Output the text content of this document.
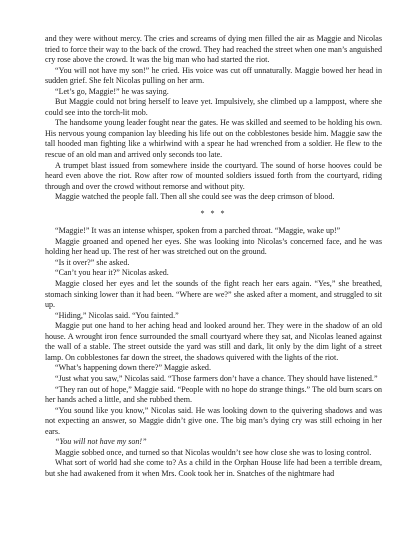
and they were without mercy. The cries and screams of dying men filled the air as Maggie and Nicolas tried to force their way to the back of the crowd. They had reached the street when one man’s anguished cry rose above the crowd. It was the big man who had started the riot.

“You will not have my son!” he cried. His voice was cut off unnaturally. Maggie bowed her head in sudden grief. She felt Nicolas pulling on her arm.

“Let’s go, Maggie!” he was saying.

But Maggie could not bring herself to leave yet. Impulsively, she climbed up a lamppost, where she could see into the torch-lit mob.

The handsome young leader fought near the gates. He was skilled and seemed to be holding his own. His nervous young companion lay bleeding his life out on the cobblestones beside him. Maggie saw the tall hooded man fighting like a whirlwind with a spear he had wrenched from a soldier. He flew to the rescue of an old man and arrived only seconds too late.

A trumpet blast issued from somewhere inside the courtyard. The sound of horse hooves could be heard even above the riot. Row after row of mounted soldiers issued forth from the courtyard, riding through and over the crowd without remorse and without pity.

Maggie watched the people fall. Then all she could see was the deep crimson of blood.

* * *

“Maggie!” It was an intense whisper, spoken from a parched throat. “Maggie, wake up!”

Maggie groaned and opened her eyes. She was looking into Nicolas’s concerned face, and he was holding her head up. The rest of her was stretched out on the ground.

“Is it over?” she asked.

“Can’t you hear it?” Nicolas asked.

Maggie closed her eyes and let the sounds of the fight reach her ears again. “Yes,” she breathed, stomach sinking lower than it had been. “Where are we?” she asked after a moment, and struggled to sit up.

“Hiding,” Nicolas said. “You fainted.”

Maggie put one hand to her aching head and looked around her. They were in the shadow of an old house. A wrought iron fence surrounded the small courtyard where they sat, and Nicolas leaned against the wall of a stable. The street outside the yard was still and dark, lit only by the dim light of a street lamp. On cobblestones far down the street, the shadows quivered with the lights of the riot.

“What’s happening down there?” Maggie asked.

“Just what you saw,” Nicolas said. “Those farmers don’t have a chance. They should have listened.”

“They ran out of hope,” Maggie said. “People with no hope do strange things.” The old burn scars on her hands ached a little, and she rubbed them.

“You sound like you know,” Nicolas said. He was looking down to the quivering shadows and was not expecting an answer, so Maggie didn’t give one. The big man’s dying cry was still echoing in her ears.

“You will not have my son!”

Maggie sobbed once, and turned so that Nicolas wouldn’t see how close she was to losing control.

What sort of world had she come to? As a child in the Orphan House life had been a terrible dream, but she had awakened from it when Mrs. Cook took her in. Snatches of the nightmare had
